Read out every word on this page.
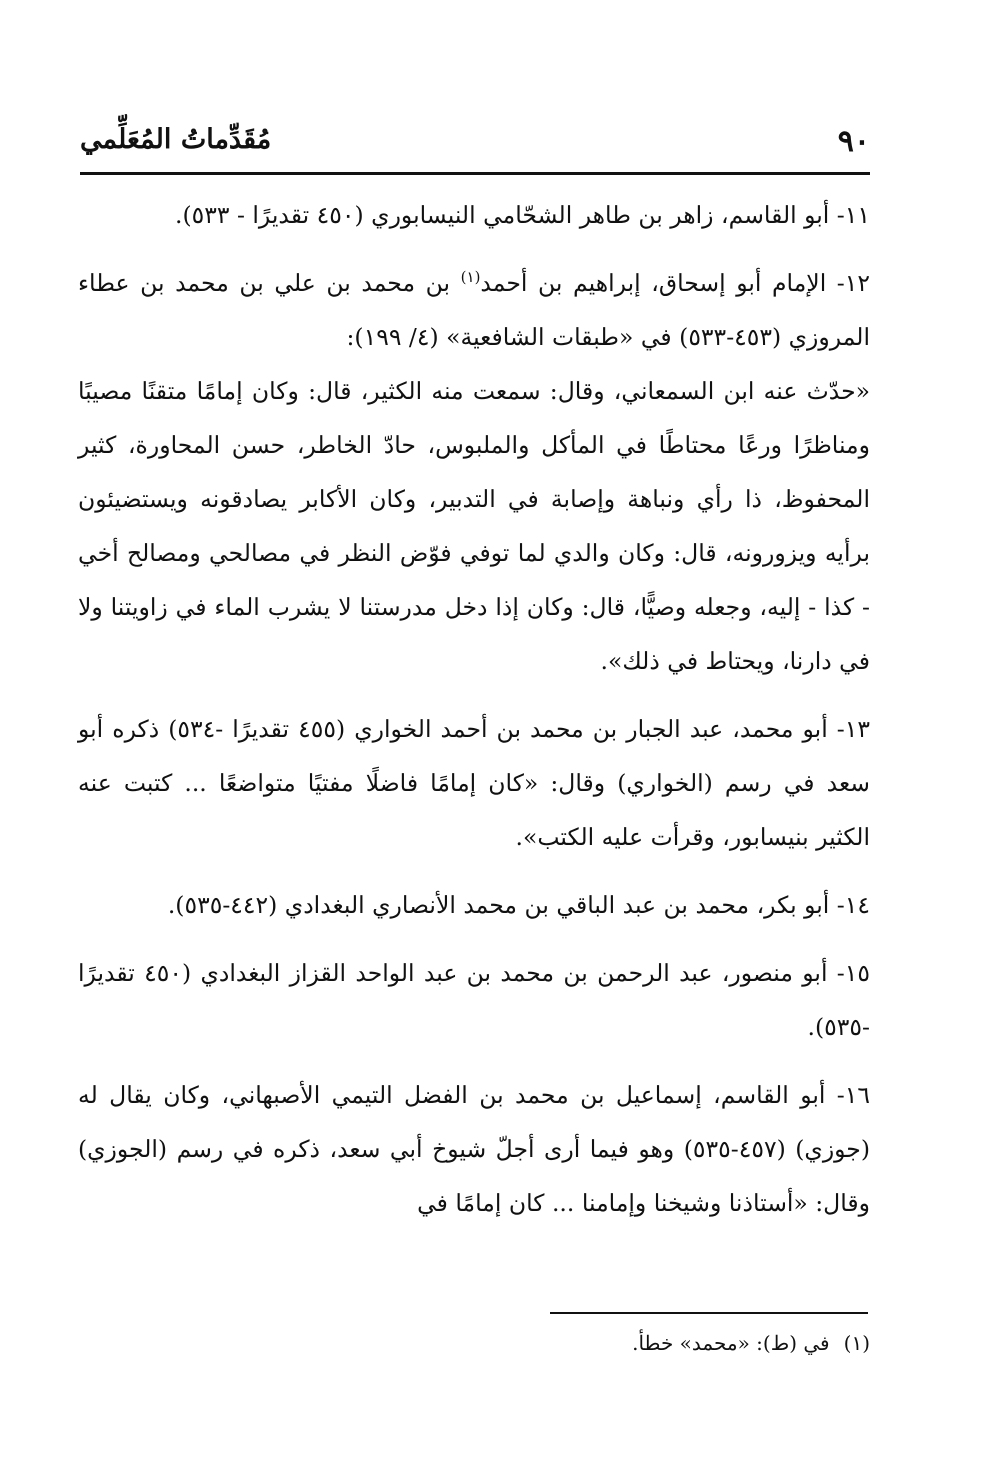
٩٠
مُقَدِّماتُ المُعَلِّمي

١١- أبو القاسم، زاهر بن طاهر الشحّامي النيسابوري (٤٥٠ تقديرًا - ٥٣٣).

١٢- الإمام أبو إسحاق، إبراهيم بن أحمد$^{(١)}$ بن محمد بن علي بن محمد بن عطاء المروزي (٤٥٣-٥٣٣) في «طبقات الشافعية» (٤/ ١٩٩):

«حدّث عنه ابن السمعاني، وقال: سمعت منه الكثير، قال: وكان إمامًا متقنًا مصيبًا ومناظرًا ورعًا محتاطًا في المأكل والملبوس، حادّ الخاطر، حسن المحاورة، كثير المحفوظ، ذا رأي ونباهة وإصابة في التدبير، وكان الأكابر يصادقونه ويستضيئون برأيه ويزورونه، قال: وكان والدي لما توفي فوّض النظر في مصالحي ومصالح أخي - كذا - إليه، وجعله وصيًّا، قال: وكان إذا دخل مدرستنا لا يشرب الماء في زاويتنا ولا في دارنا، ويحتاط في ذلك».

١٣- أبو محمد، عبد الجبار بن محمد بن أحمد الخواري (٤٥٥ تقديرًا -٥٣٤) ذكره أبو سعد في رسم (الخواري) وقال: «كان إمامًا فاضلًا مفتيًا متواضعًا ... كتبت عنه الكثير بنيسابور، وقرأت عليه الكتب».

١٤- أبو بكر، محمد بن عبد الباقي بن محمد الأنصاري البغدادي (٤٤٢-٥٣٥).

١٥- أبو منصور، عبد الرحمن بن محمد بن عبد الواحد القزاز البغدادي (٤٥٠ تقديرًا -٥٣٥).

١٦- أبو القاسم، إسماعيل بن محمد بن الفضل التيمي الأصبهاني، وكان يقال له (جوزي) (٤٥٧-٥٣٥) وهو فيما أرى أجلّ شيوخ أبي سعد، ذكره في رسم (الجوزي) وقال: «أستاذنا وشيخنا وإمامنا ... كان إمامًا في

(١)في (ط): «محمد» خطأ.
